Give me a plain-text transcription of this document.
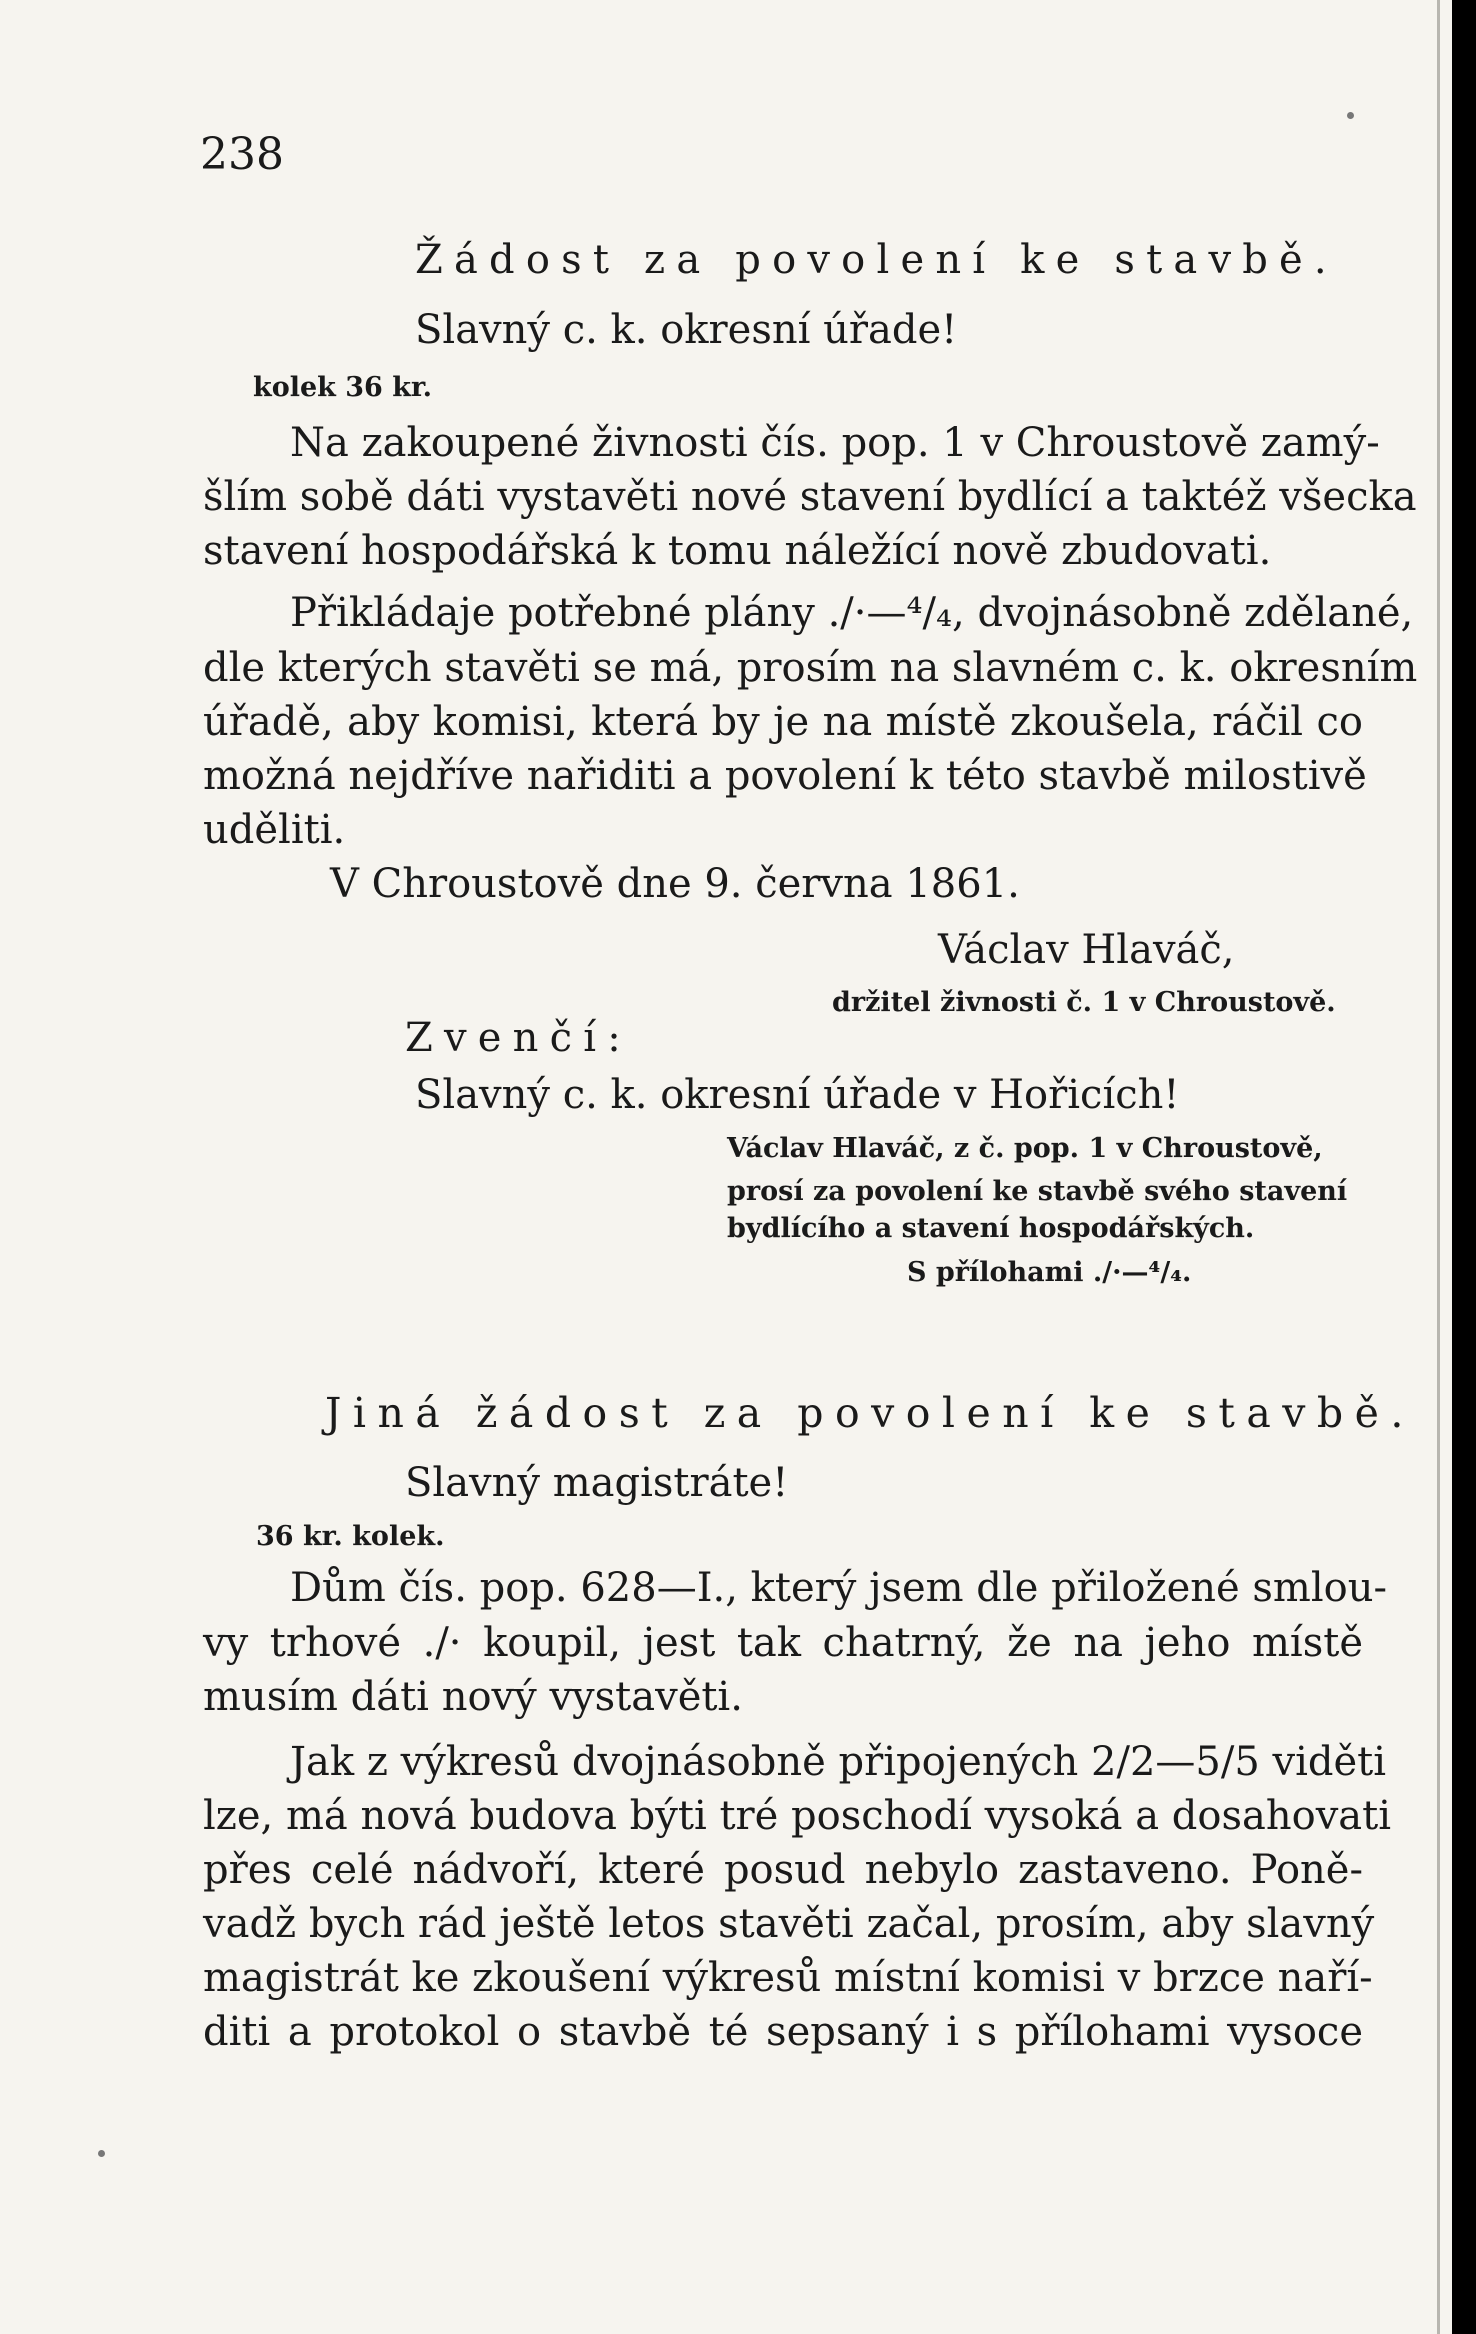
238
Žádost za povolení ke stavbě.
Slavný c. k. okresní úřade!
kolek 36 kr.
Na zakoupené živnosti čís. pop. 1 v Chroustově zamý-
šlím sobě dáti vystavěti nové stavení bydlící a taktéž všecka
stavení hospodářská k tomu náležící nově zbudovati.
Přikládaje potřebné plány ./·—⁴/₄, dvojnásobně zdělané,
dle kterých stavěti se má, prosím na slavném c. k. okresním
úřadě, aby komisi, která by je na místě zkoušela, ráčil co
možná nejdříve nařiditi a povolení k této stavbě milostivě
uděliti.
V Chroustově dne 9. června 1861.
Václav Hlaváč,
držitel živnosti č. 1 v Chroustově.
Zvenčí:
Slavný c. k. okresní úřade v Hořicích!
Václav Hlaváč, z č. pop. 1 v Chroustově,
prosí za povolení ke stavbě svého stavení
bydlícího a stavení hospodářských.
S přílohami ./·—⁴/₄.
Jiná žádost za povolení ke stavbě.
Slavný magistráte!
36 kr. kolek.
Dům čís. pop. 628—I., který jsem dle přiložené smlou-
vy trhové ./· koupil, jest tak chatrný, že na jeho místě
musím dáti nový vystavěti.
Jak z výkresů dvojnásobně připojených 2/2—5/5 viděti
lze, má nová budova býti tré poschodí vysoká a dosahovati
přes celé nádvoří, které posud nebylo zastaveno. Poně-
vadž bych rád ještě letos stavěti začal, prosím, aby slavný
magistrát ke zkoušení výkresů místní komisi v brzce naří-
diti a protokol o stavbě té sepsaný i s přílohami vysoce
